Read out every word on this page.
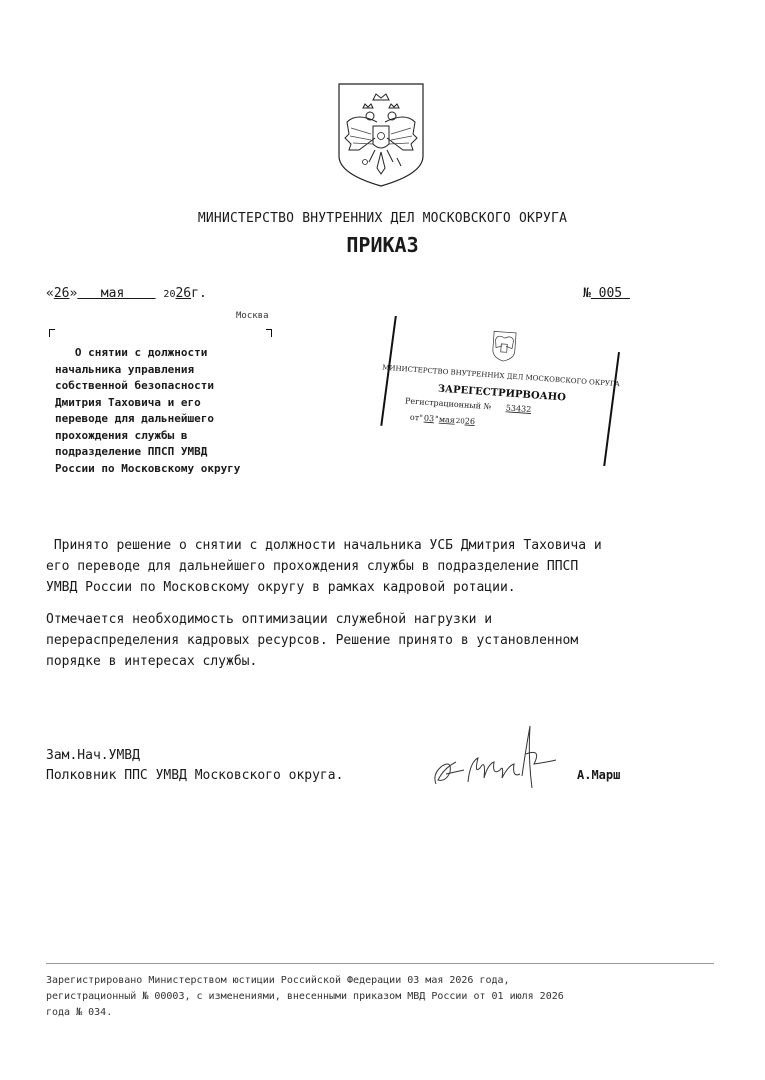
МИНИСТЕРСТВО ВНУТРЕННИХ ДЕЛ МОСКОВСКОГО ОКРУГА
ПРИКАЗ
«26»   мая     2026г.	№ 005
Москва
О снятии с должности
начальника управления
собственной безопасности
Дмитрия Таховича и его
переводе для дальнейшего
прохождения службы в
подразделение ППСП УМВД
России по Московскому округу
МИНИСТЕРСТВО ВНУТРЕННИХ ДЕЛ МОСКОВСКОГО ОКРУГА
ЗАРЕГЕСТРИРВОАНО
Регистрационный № 53432
от" 03 " мая 20 26
Принято решение о снятии с должности начальника УСБ Дмитрия Таховича и
его переводе для дальнейшего прохождения службы в подразделение ППСП
УМВД России по Московскому округу в рамках кадровой ротации.
Отмечается необходимость оптимизации служебной нагрузки и
перераспределения кадровых ресурсов. Решение принято в установленном
порядке в интересах службы.
Зам.Нач.УМВД
Полковник ППС УМВД Московского округа.	А.Марш
Зарегистрировано Министерством юстиции Российской Федерации 03 мая 2026 года,
регистрационный № 00003, с изменениями, внесенными приказом МВД России от 01 июля 2026
года № 034.
